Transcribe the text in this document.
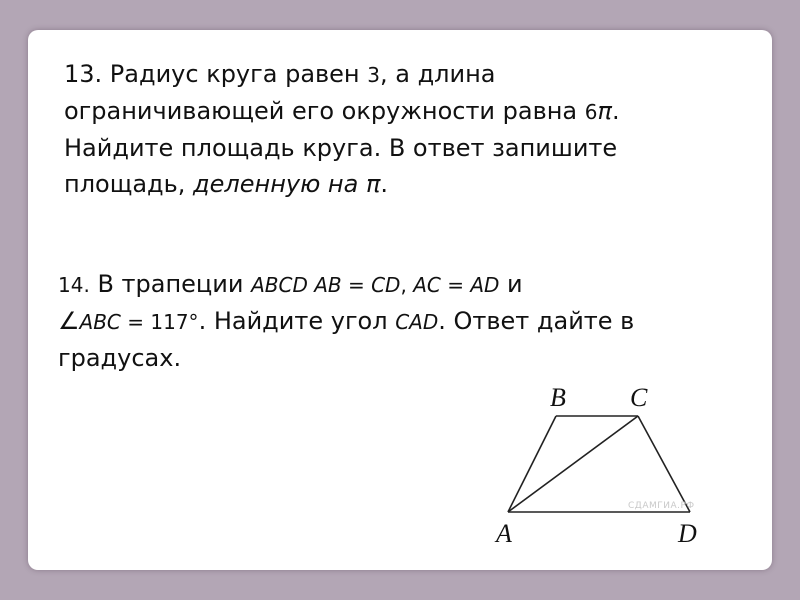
13. Радиус круга равен 3, а длина ограничивающей его окружности равна 6π. Найдите площадь круга. В ответ запишите площадь, деленную на π.
14. В трапеции ABCD AB = CD, AC = AD и
∠ABC = 117°. Найдите угол CAD. Ответ дайте в градусах.
A
B C
D
СДАМГИА.РФ
